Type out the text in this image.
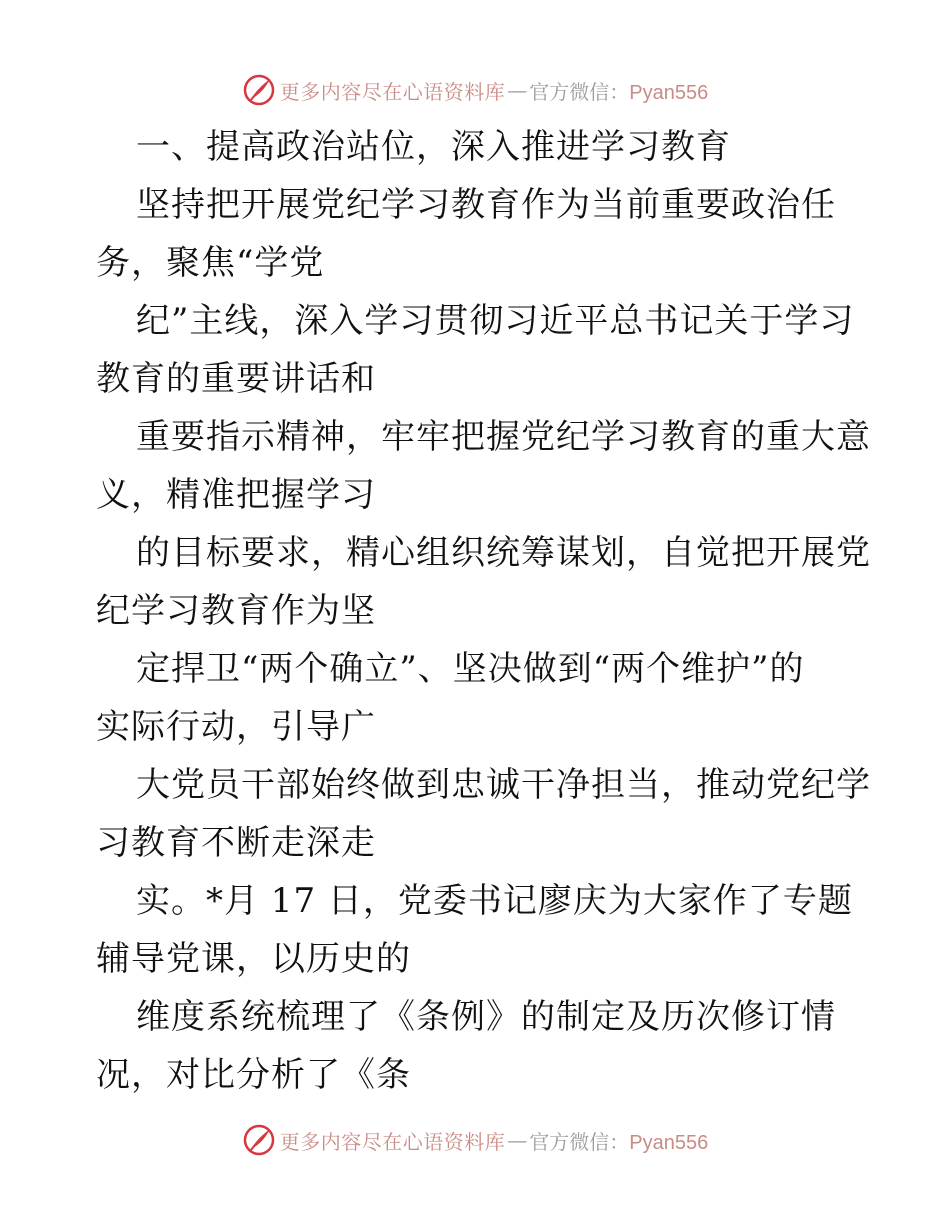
更多内容尽在心语资料库 — 官方微信：Pyan556
一、提高政治站位，深入推进学习教育
坚持把开展党纪学习教育作为当前重要政治任
务，聚焦“学党
纪”主线，深入学习贯彻习近平总书记关于学习
教育的重要讲话和
重要指示精神，牢牢把握党纪学习教育的重大意
义，精准把握学习
的目标要求，精心组织统筹谋划，自觉把开展党
纪学习教育作为坚
定捍卫“两个确立”、坚决做到“两个维护”的
实际行动，引导广
大党员干部始终做到忠诚干净担当，推动党纪学
习教育不断走深走
实。*月 17 日，党委书记廖庆为大家作了专题
辅导党课，以历史的
维度系统梳理了《条例》的制定及历次修订情
况，对比分析了《条
更多内容尽在心语资料库 — 官方微信：Pyan556
